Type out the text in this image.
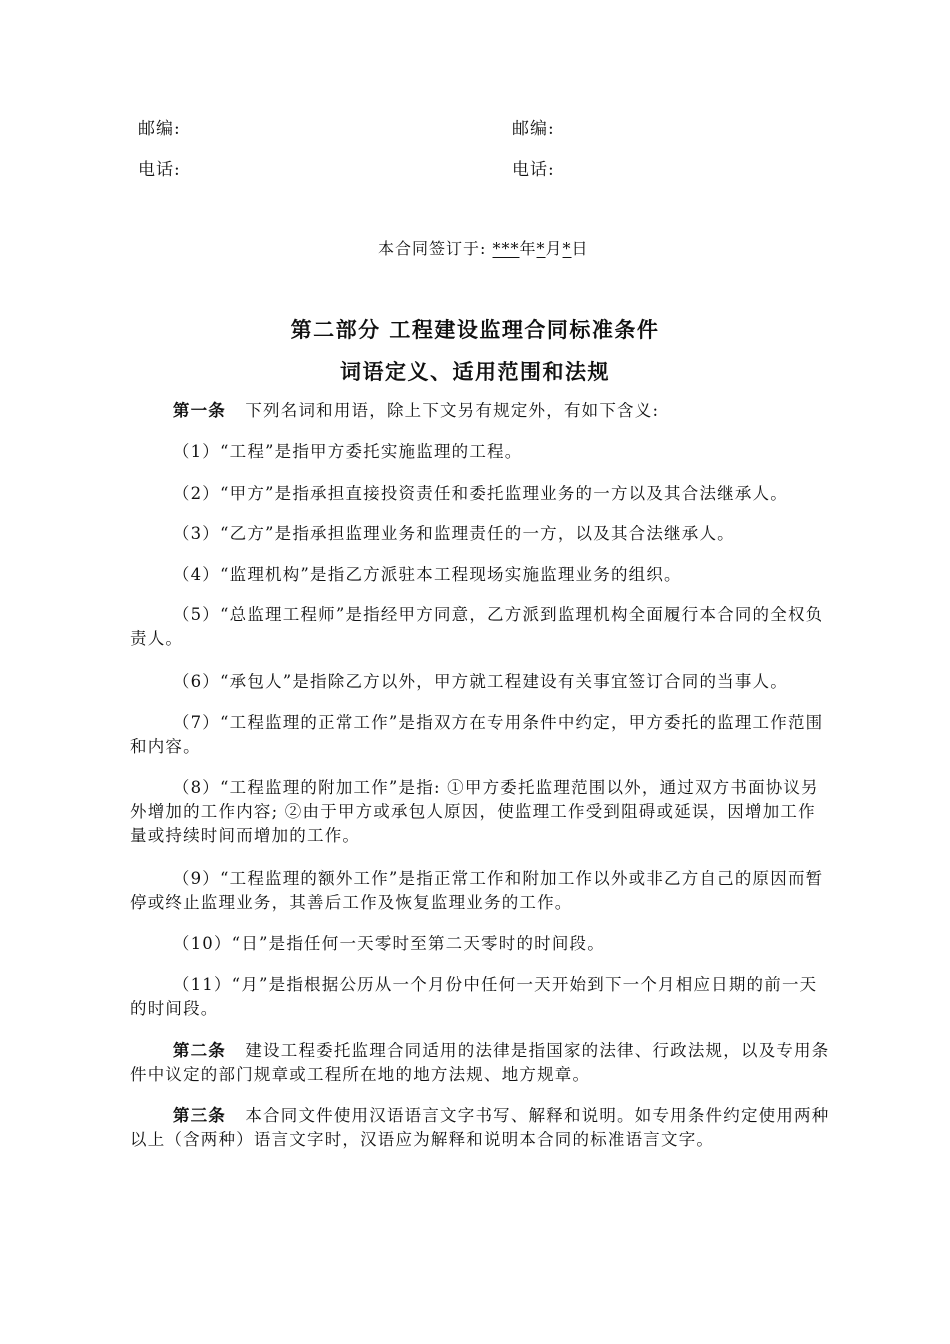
邮编:	邮编:
电话:	电话:
本合同签订于: ***年*月*日
第二部分 工程建设监理合同标准条件
词语定义、适用范围和法规

第一条 下列名词和用语，除上下文另有规定外，有如下含义:

（1）“工程”是指甲方委托实施监理的工程。

（2）“甲方”是指承担直接投资责任和委托监理业务的一方以及其合法继承人。

（3）“乙方”是指承担监理业务和监理责任的一方，以及其合法继承人。

（4）“监理机构”是指乙方派驻本工程现场实施监理业务的组织。

（5）“总监理工程师”是指经甲方同意，乙方派到监理机构全面履行本合同的全权负责人。

（6）“承包人”是指除乙方以外，甲方就工程建设有关事宜签订合同的当事人。

（7）“工程监理的正常工作”是指双方在专用条件中约定，甲方委托的监理工作范围和内容。

（8）“工程监理的附加工作”是指: ①甲方委托监理范围以外，通过双方书面协议另外增加的工作内容; ②由于甲方或承包人原因，使监理工作受到阻碍或延误，因增加工作量或持续时间而增加的工作。

（9）“工程监理的额外工作”是指正常工作和附加工作以外或非乙方自己的原因而暂停或终止监理业务，其善后工作及恢复监理业务的工作。

（10）“日”是指任何一天零时至第二天零时的时间段。

（11）“月”是指根据公历从一个月份中任何一天开始到下一个月相应日期的前一天的时间段。

第二条 建设工程委托监理合同适用的法律是指国家的法律、行政法规，以及专用条件中议定的部门规章或工程所在地的地方法规、地方规章。

第三条 本合同文件使用汉语语言文字书写、解释和说明。如专用条件约定使用两种以上（含两种）语言文字时，汉语应为解释和说明本合同的标准语言文字。
